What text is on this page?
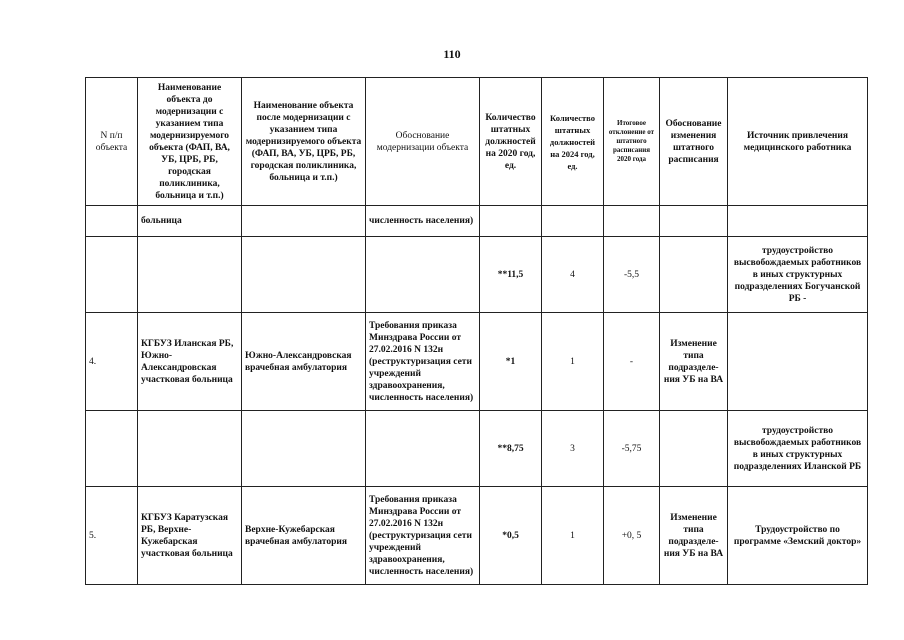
110
N п/п объекта	Наименование объекта до модернизации с указанием типа модернизируемого объекта (ФАП, ВА, УБ, ЦРБ, РБ, городская поликлиника, больница и т.п.)	Наименование объекта после модернизации с указанием типа модернизируемого объекта (ФАП, ВА, УБ, ЦРБ, РБ, городская поликлиника, больница и т.п.)	Обоснование модернизации объекта	Количество штатных должностей на 2020 год, ед.	Количество штатных должностей на 2024 год, ед.	Итоговое отклонение от штатного расписания 2020 года	Обоснование изменения штатного расписания	Источник привлечения медицинского работника
	больница		численность населения)					
				**11,5	4	-5,5		трудоустройство высвобождаемых работников в иных структурных подразделениях Богучанской РБ -
4.	КГБУЗ Иланская РБ, Южно-Александровская участковая больница	Южно-Александровская врачебная амбулатория	Требования приказа Минздрава России от 27.02.2016 N 132н (реструктуризация сети учреждений здравоохранения, численность населения)	*1	1	-	Изменение типа подразделе-ния УБ на ВА	
				**8,75	3	-5,75		трудоустройство высвобождаемых работников в иных структурных подразделениях Иланской РБ
5.	КГБУЗ Каратузская РБ, Верхне-Кужебарская участковая больница	Верхне-Кужебарская врачебная амбулатория	Требования приказа Минздрава России от 27.02.2016 N 132н (реструктуризация сети учреждений здравоохранения, численность населения)	*0,5	1	+0, 5	Изменение типа подразделе-ния УБ на ВА	Трудоустройство по программе «Земский доктор»
